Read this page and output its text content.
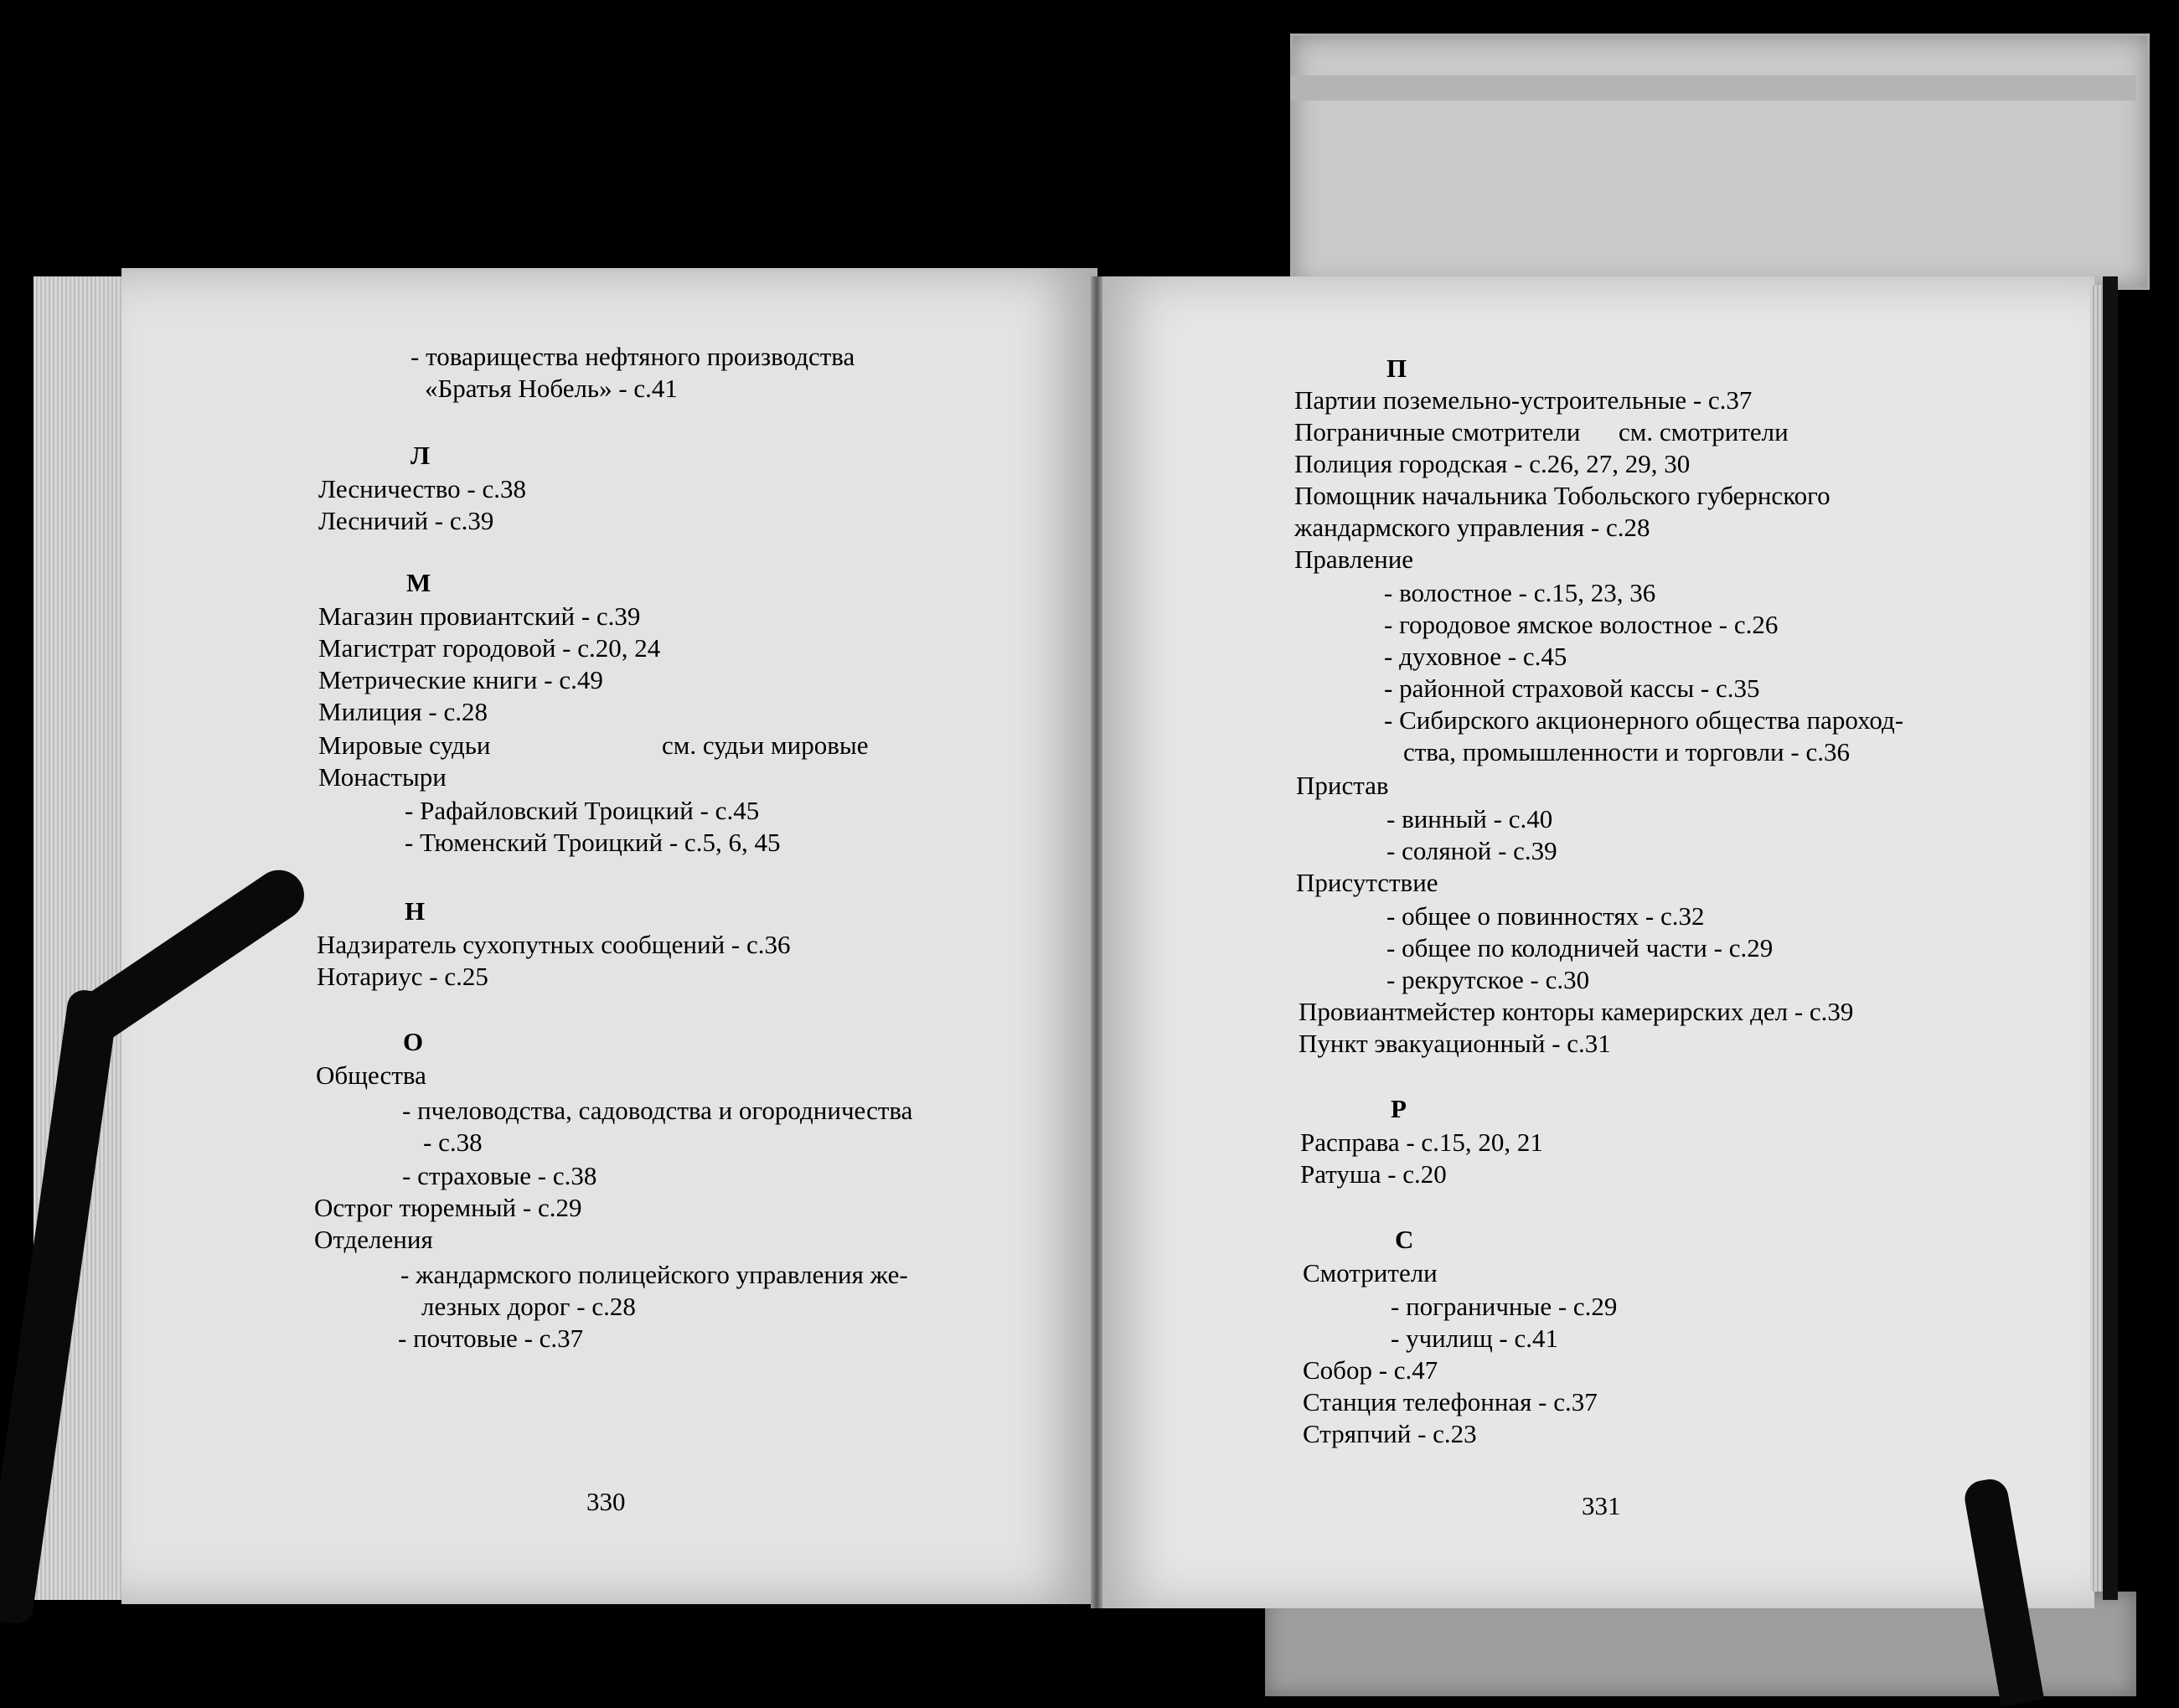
- товарищества нефтяного производства
«Братья Нобель» - с.41
Л
Лесничество - с.38
Лесничий - с.39
М
Магазин провиантский - с.39
Магистрат городовой - с.20, 24
Метрические книги - с.49
Милиция - с.28
Мировые судьи	см. судьи мировые
Монастыри
- Рафайловский Троицкий - с.45
- Тюменский Троицкий - с.5, 6, 45
Н
Надзиратель сухопутных сообщений - с.36
Нотариус - с.25
О
Общества
- пчеловодства, садоводства и огородничества
- с.38
- страховые - с.38
Острог тюремный - с.29
Отделения
- жандармского полицейского управления же-
лезных дорог - с.28
- почтовые - с.37
330
П
Партии поземельно-устроительные - с.37
Пограничные смотрители см. смотрители
Полиция городская - с.26, 27, 29, 30
Помощник начальника Тобольского губернского
жандармского управления - с.28
Правление
- волостное - с.15, 23, 36
- городовое ямское волостное - с.26
- духовное - с.45
- районной страховой кассы - с.35
- Сибирского акционерного общества пароход-
ства, промышленности и торговли - с.36
Пристав
- винный - с.40
- соляной - с.39
Присутствие
- общее о повинностях - с.32
- общее по колодничей части - с.29
- рекрутское - с.30
Провиантмейстер конторы камерирских дел - с.39
Пункт эвакуационный - с.31
Р
Расправа - с.15, 20, 21
Ратуша - с.20
С
Смотрители
- пограничные - с.29
- училищ - с.41
Собор - с.47
Станция телефонная - с.37
Стряпчий - с.23
331
